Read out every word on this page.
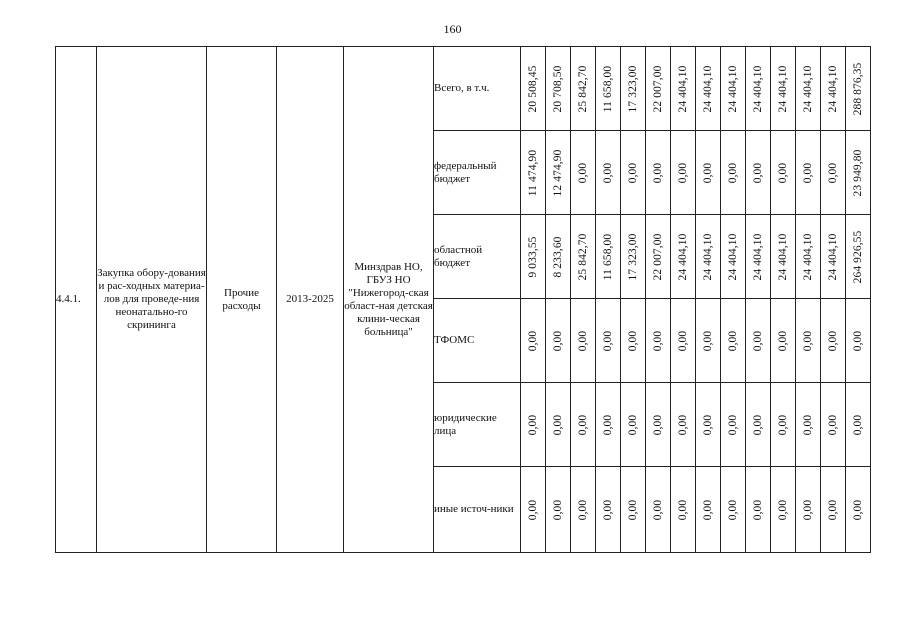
160
4.4.1.	Закупка обору-дования и рас-ходных материа-лов для проведе-ния неонатально-го скрининга	Прочие расходы	2013-2025	Минздрав НО, ГБУЗ НО "Нижегород-ская област-ная детская клини-ческая больница"	Всего, в т.ч.	20 508,45	20 708,50	25 842,70	11 658,00	17 323,00	22 007,00	24 404,10	24 404,10	24 404,10	24 404,10	24 404,10	24 404,10	24 404,10	288 876,35

					федеральный бюджет	11 474,90	12 474,90	0,00	0,00	0,00	0,00	0,00	0,00	0,00	0,00	0,00	0,00	0,00	23 949,80

					областной бюджет	9 033,55	8 233,60	25 842,70	11 658,00	17 323,00	22 007,00	24 404,10	24 404,10	24 404,10	24 404,10	24 404,10	24 404,10	24 404,10	264 926,55

					ТФОМС	0,00	0,00	0,00	0,00	0,00	0,00	0,00	0,00	0,00	0,00	0,00	0,00	0,00	0,00

					юридические лица	0,00	0,00	0,00	0,00	0,00	0,00	0,00	0,00	0,00	0,00	0,00	0,00	0,00	0,00

					иные источ-ники	0,00	0,00	0,00	0,00	0,00	0,00	0,00	0,00	0,00	0,00	0,00	0,00	0,00	0,00
